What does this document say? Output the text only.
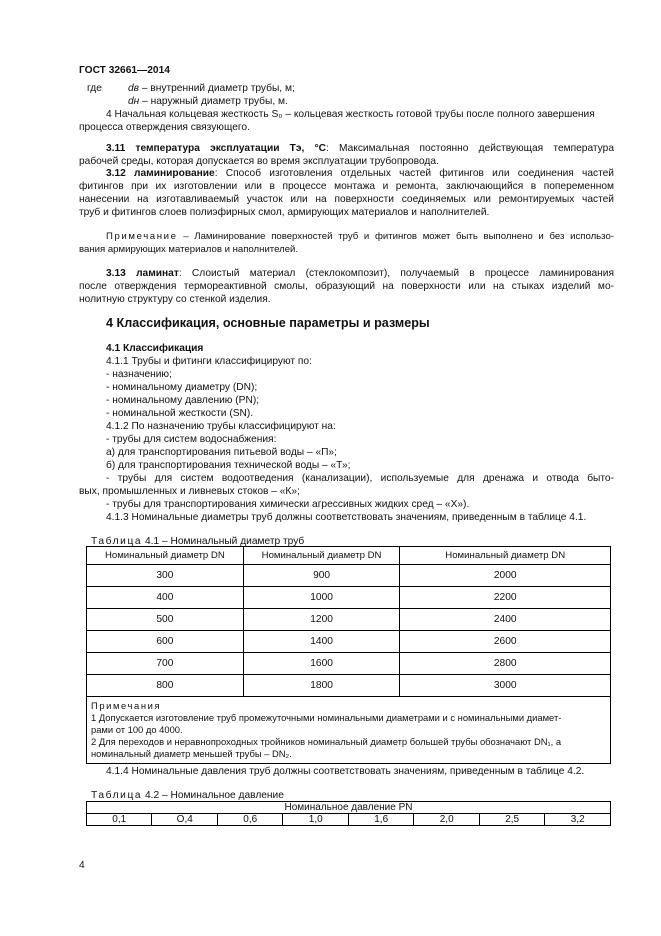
ГОСТ 32661—2014
где	dв – внутренний диаметр трубы, м;
dн – наружный диаметр трубы, м.
4 Начальная кольцевая жесткость S₀ – кольцевая жесткость готовой трубы после полного завершения
процесса отверждения связующего.
3.11 температура эксплуатации Тэ, °С: Максимальная постоянно действующая температура
рабочей среды, которая допускается во время эксплуатации трубопровода.
3.12 ламинирование: Способ изготовления отдельных частей фитингов или соединения частей
фитингов при их изготовлении или в процессе монтажа и ремонта, заключающийся в попеременном
нанесении на изготавливаемый участок или на поверхности соединяемых или ремонтируемых частей
труб и фитингов слоев полиэфирных смол, армирующих материалов и наполнителей.
Примечание – Ламинирование поверхностей труб и фитингов может быть выполнено и без использо-
вания армирующих материалов и наполнителей.
3.13 ламинат: Слоистый материал (стеклокомпозит), получаемый в процессе ламинирования
после отверждения термореактивной смолы, образующий на поверхности или на стыках изделий мо-
нолитную структуру со стенкой изделия.
4 Классификация, основные параметры и размеры
4.1 Классификация
4.1.1 Трубы и фитинги классифицируют по:
- назначению;
- номинальному диаметру (DN);
- номинальному давлению (PN);
- номинальной жесткости (SN).
4.1.2 По назначению трубы классифицируют на:
- трубы для систем водоснабжения:
а) для транспортирования питьевой воды – «П»;
б) для транспортирования технической воды – «Т»;
- трубы для систем водоотведения (канализации), используемые для дренажа и отвода быто-
вых, промышленных и ливневых стоков – «К»;
- трубы для транспортирования химически агрессивных жидких сред – «Х»).
4.1.3 Номинальные диаметры труб должны соответствовать значениям, приведенным в таблице 4.1.
Таблица 4.1 – Номинальный диаметр труб
Номинальный диаметр DN	Номинальный диаметр DN	Номинальный диаметр DN
300	900	2000
400	1000	2200
500	1200	2400
600	1400	2600
700	1600	2800
800	1800	3000

Примечания
1 Допускается изготовление труб промежуточными номинальными диаметрами и с номинальными диамет-
рами от 100 до 4000.
2 Для переходов и неравнопроходных тройников номинальный диаметр большей трубы обозначают DN₁, а
номинальный диаметр меньшей трубы – DN₂.		
4.1.4 Номинальные давления труб должны соответствовать значениям, приведенным в таблице 4.2.
Таблица 4.2 – Номинальное давление
Номинальное давление PN
0,1	О,4	0,6	1,0	1,6	2,0	2,5	3,2
4
